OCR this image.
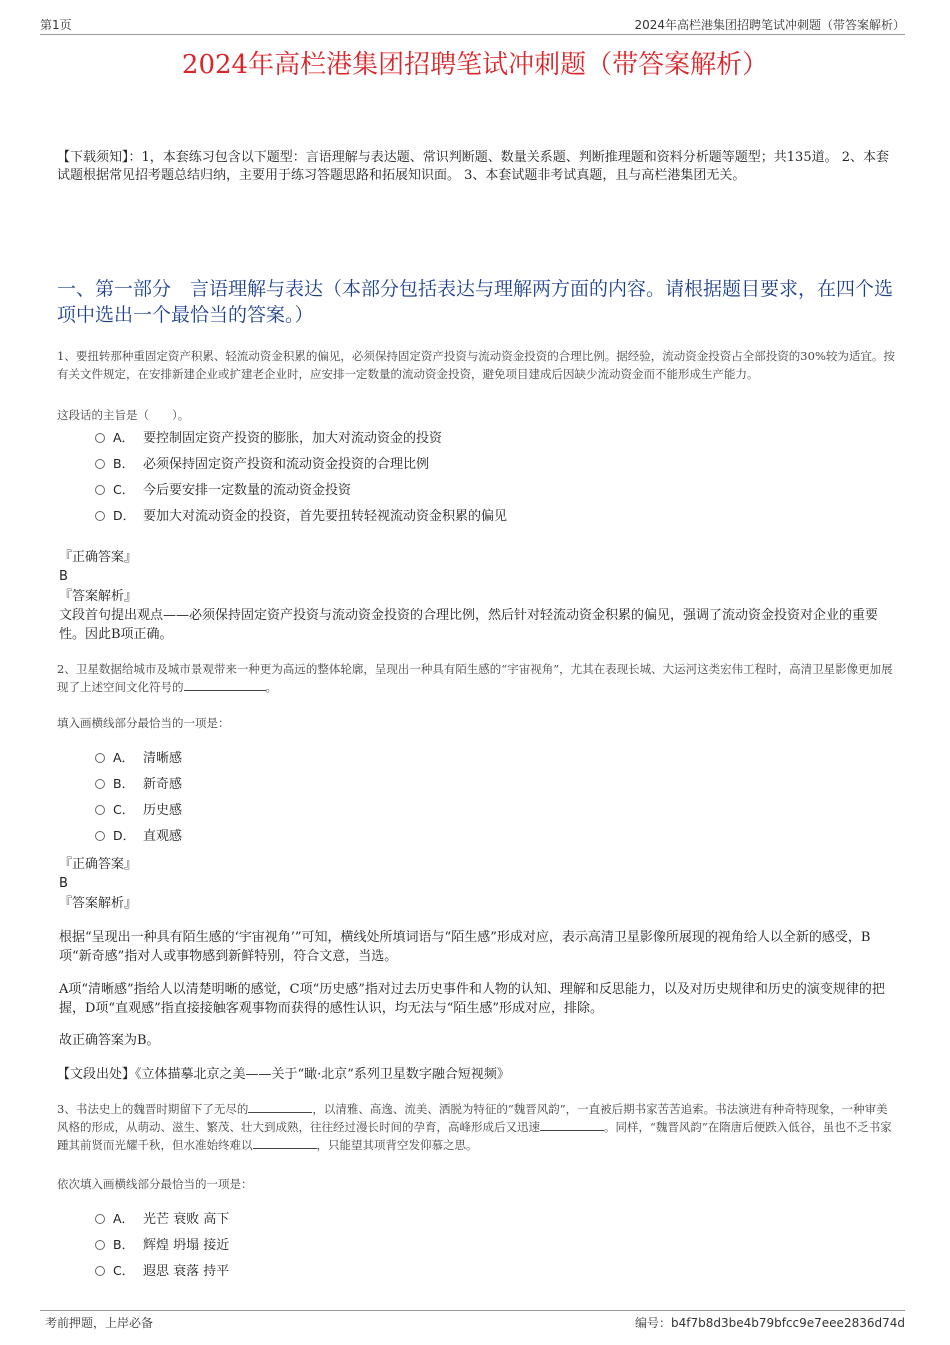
第1页	2024年高栏港集团招聘笔试冲刺题（带答案解析）
2024年高栏港集团招聘笔试冲刺题（带答案解析）
【下载须知】：1，本套练习包含以下题型：言语理解与表达题、常识判断题、数量关系题、判断推理题和资料分析题等题型；共135道。 2、本套试题根据常见招考题总结归纳，主要用于练习答题思路和拓展知识面。 3、本套试题非考试真题，且与高栏港集团无关。
一、第一部分　言语理解与表达（本部分包括表达与理解两方面的内容。请根据题目要求，在四个选项中选出一个最恰当的答案。）
1、要扭转那种重固定资产积累、轻流动资金积累的偏见，必须保持固定资产投资与流动资金投资的合理比例。据经验，流动资金投资占全部投资的30%较为适宜。按有关文件规定，在安排新建企业或扩建老企业时，应安排一定数量的流动资金投资，避免项目建成后因缺少流动资金而不能形成生产能力。
这段话的主旨是（　　）。
A． 要控制固定资产投资的膨胀，加大对流动资金的投资
B． 必须保持固定资产投资和流动资金投资的合理比例
C． 今后要安排一定数量的流动资金投资
D． 要加大对流动资金的投资，首先要扭转轻视流动资金积累的偏见
『正确答案』
B
『答案解析』
文段首句提出观点——必须保持固定资产投资与流动资金投资的合理比例，然后针对轻流动资金积累的偏见，强调了流动资金投资对企业的重要性。因此B项正确。
2、卫星数据给城市及城市景观带来一种更为高远的整体轮廓，呈现出一种具有陌生感的“宇宙视角”，尤其在表现长城、大运河这类宏伟工程时，高清卫星影像更加展现了上述空间文化符号的	。
填入画横线部分最恰当的一项是：
A． 清晰感
B． 新奇感
C． 历史感
D． 直观感
『正确答案』
B
『答案解析』
根据“呈现出一种具有陌生感的‘宇宙视角’”可知，横线处所填词语与“陌生感”形成对应，表示高清卫星影像所展现的视角给人以全新的感受，B项“新奇感”指对人或事物感到新鲜特别，符合文意，当选。
A项“清晰感”指给人以清楚明晰的感觉，C项“历史感”指对过去历史事件和人物的认知、理解和反思能力，以及对历史规律和历史的演变规律的把握，D项“直观感”指直接接触客观事物而获得的感性认识，均无法与“陌生感”形成对应，排除。
故正确答案为B。
【文段出处】《立体描摹北京之美——关于“瞰·北京”系列卫星数字融合短视频》
3、书法史上的魏晋时期留下了无尽的	，以清雅、高逸、流美、洒脱为特征的“魏晋风韵”，一直被后期书家苦苦追索。书法演进有种奇特现象，一种审美风格的形成，从萌动、滋生、繁茂、壮大到成熟，往往经过漫长时间的孕育，高峰形成后又迅速	。同样，“魏晋风韵”在隋唐后便跌入低谷，虽也不乏书家踵其前贤而光耀千秋，但水准始终难以	，只能望其项背空发仰慕之思。
依次填入画横线部分最恰当的一项是：
A． 光芒 衰败 高下
B． 辉煌 坍塌 接近
C． 遐思 衰落 持平
考前押题，上岸必备	编号：b4f7b8d3be4b79bfcc9e7eee2836d74d
